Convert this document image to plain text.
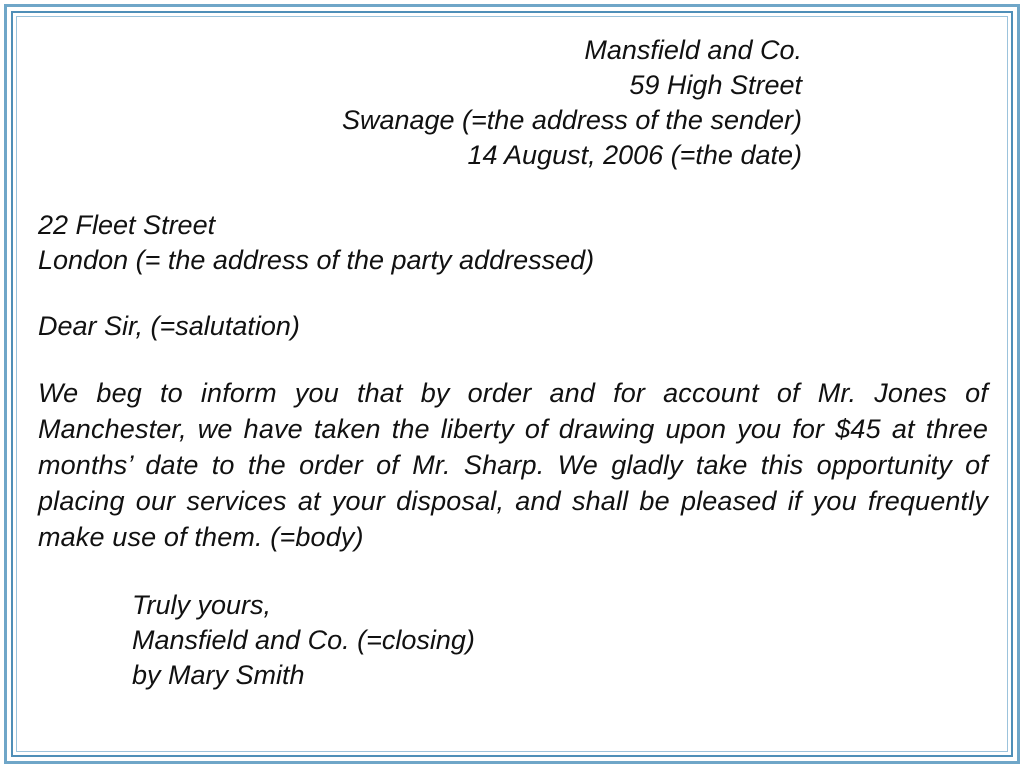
Mansfield and Co.
59 High Street
Swanage (=the address of the sender)
14 August, 2006 (=the date)
22 Fleet Street
London (= the address of the party addressed)
Dear Sir, (=salutation)
We beg to inform you that by order and for account of Mr. Jones of Manchester, we have taken the liberty of drawing upon you for $45 at three months’ date to the order of Mr. Sharp. We gladly take this opportunity of placing our services at your disposal, and shall be pleased if you frequently make use of them. (=body)
Truly yours,
Mansfield and Co. (=closing)
by Mary Smith
